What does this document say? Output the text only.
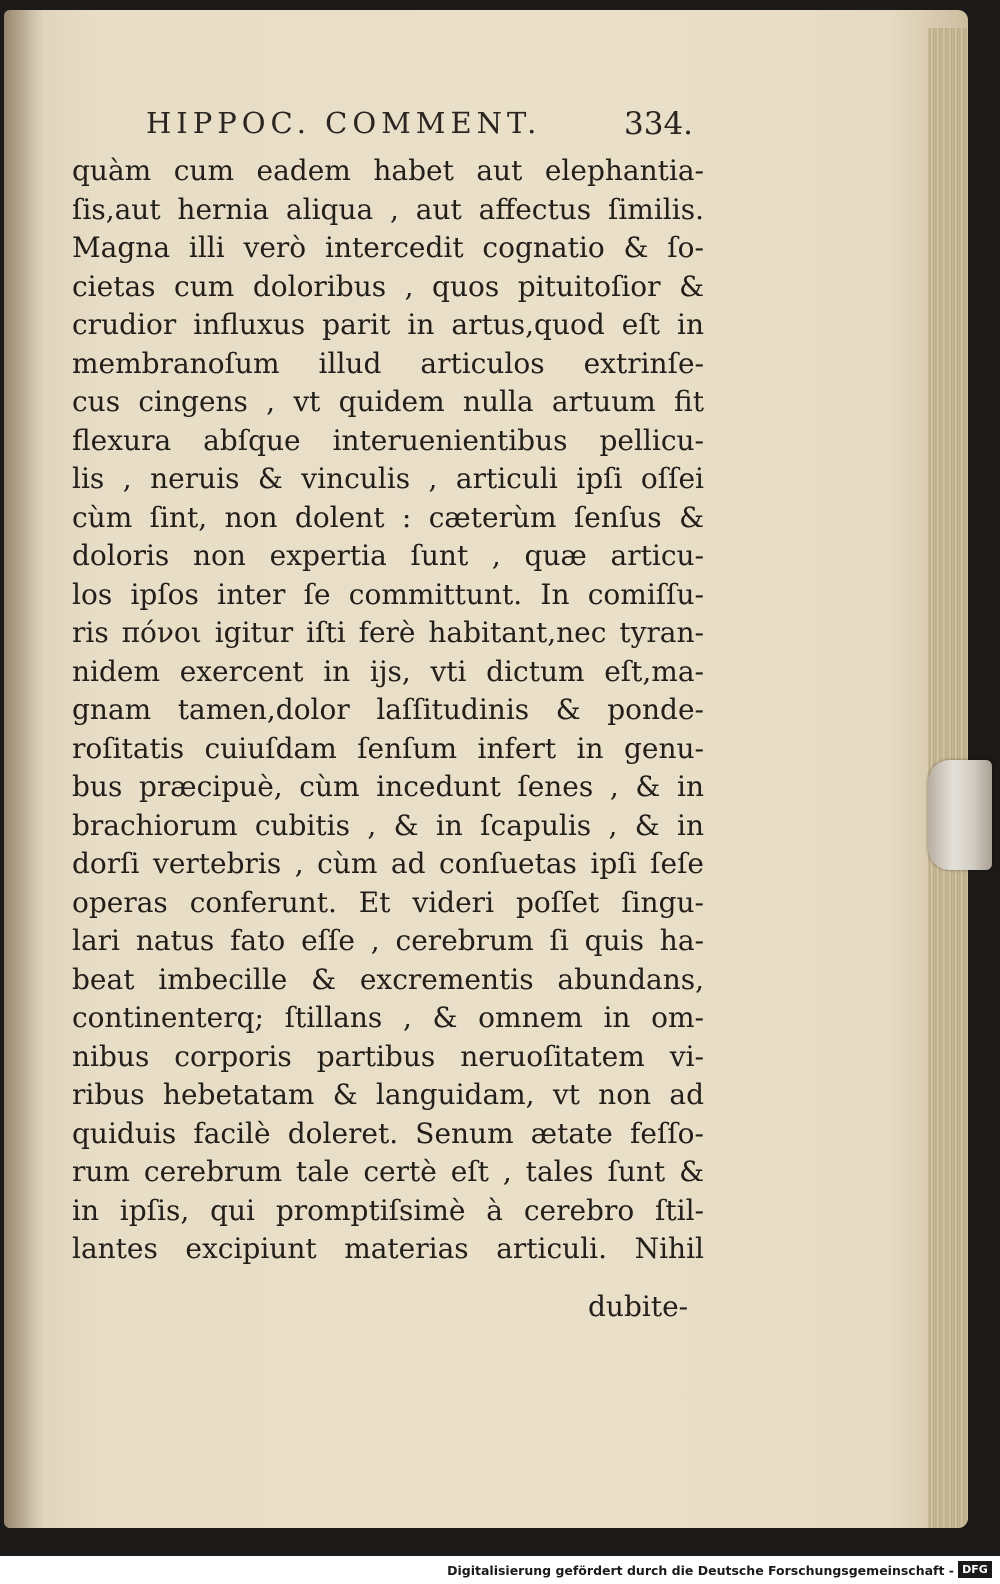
HIPPOC. COMMENT.	334.
quàm cum eadem habet aut elephantia-
ſis,aut hernia aliqua , aut affectus ſimilis.
Magna illi verò intercedit cognatio & ſo-
cietas cum doloribus , quos pituitoſior &
crudior influxus parit in artus,quod eſt in
membranoſum illud articulos extrinſe-
cus cingens , vt quidem nulla artuum fit
flexura abſque interuenientibus pellicu-
lis , neruis & vinculis , articuli ipſi oſſei
cùm ſint, non dolent : cæterùm ſenſus &
doloris non expertia ſunt , quæ articu-
los ipſos inter ſe committunt. In comiſſu-
ris πόνοι igitur iſti ferè habitant,nec tyran-
nidem exercent in ijs, vti dictum eſt,ma-
gnam tamen,dolor laſſitudinis & ponde-
roſitatis cuiuſdam ſenſum infert in genu-
bus præcipuè, cùm incedunt ſenes , & in
brachiorum cubitis , & in ſcapulis , & in
dorſi vertebris , cùm ad conſuetas ipſi ſeſe
operas conferunt. Et videri poſſet ſingu-
lari natus fato eſſe , cerebrum ſi quis ha-
beat imbecille & excrementis abundans,
continenterq; ſtillans , & omnem in om-
nibus corporis partibus neruoſitatem vi-
ribus hebetatam & languidam, vt non ad
quiduis facilè doleret. Senum ætate feſſo-
rum cerebrum tale certè eſt , tales ſunt &
in ipſis, qui promptiſsimè à cerebro ſtil-
lantes excipiunt materias articuli. Nihil
dubite-
Digitalisierung gefördert durch die Deutsche Forschungsgemeinschaft - DFG
